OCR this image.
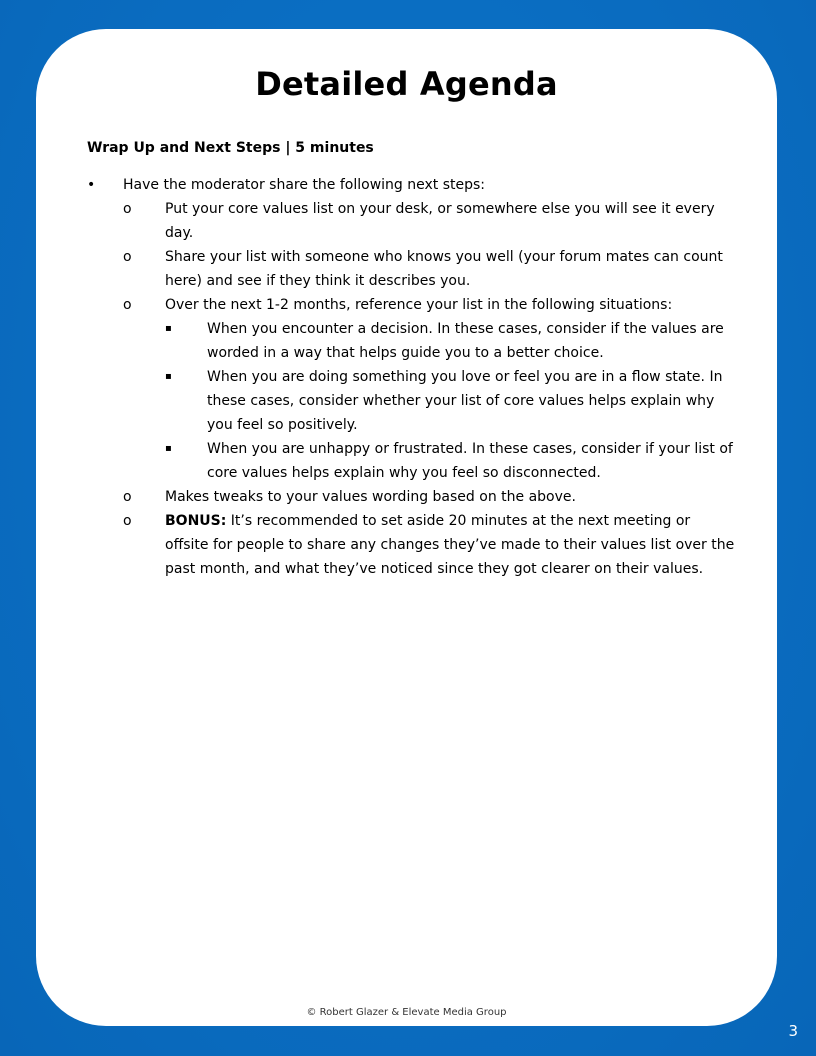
Detailed Agenda

Wrap Up and Next Steps | 5 minutes

• Have the moderator share the following next steps:
o Put your core values list on your desk, or somewhere else you will see it every day.
o Share your list with someone who knows you well (your forum mates can count here) and see if they think it describes you.
o Over the next 1-2 months, reference your list in the following situations:
▪	When you encounter a decision. In these cases, consider if the values are worded in a way that helps guide you to a better choice.
▪	When you are doing something you love or feel you are in a flow state. In these cases, consider whether your list of core values helps explain why you feel so positively.
▪	When you are unhappy or frustrated. In these cases, consider if your list of core values helps explain why you feel so disconnected.
o Makes tweaks to your values wording based on the above.
o BONUS: It’s recommended to set aside 20 minutes at the next meeting or offsite for people to share any changes they’ve made to their values list over the past month, and what they’ve noticed since they got clearer on their values.
© Robert Glazer & Elevate Media Group
3
